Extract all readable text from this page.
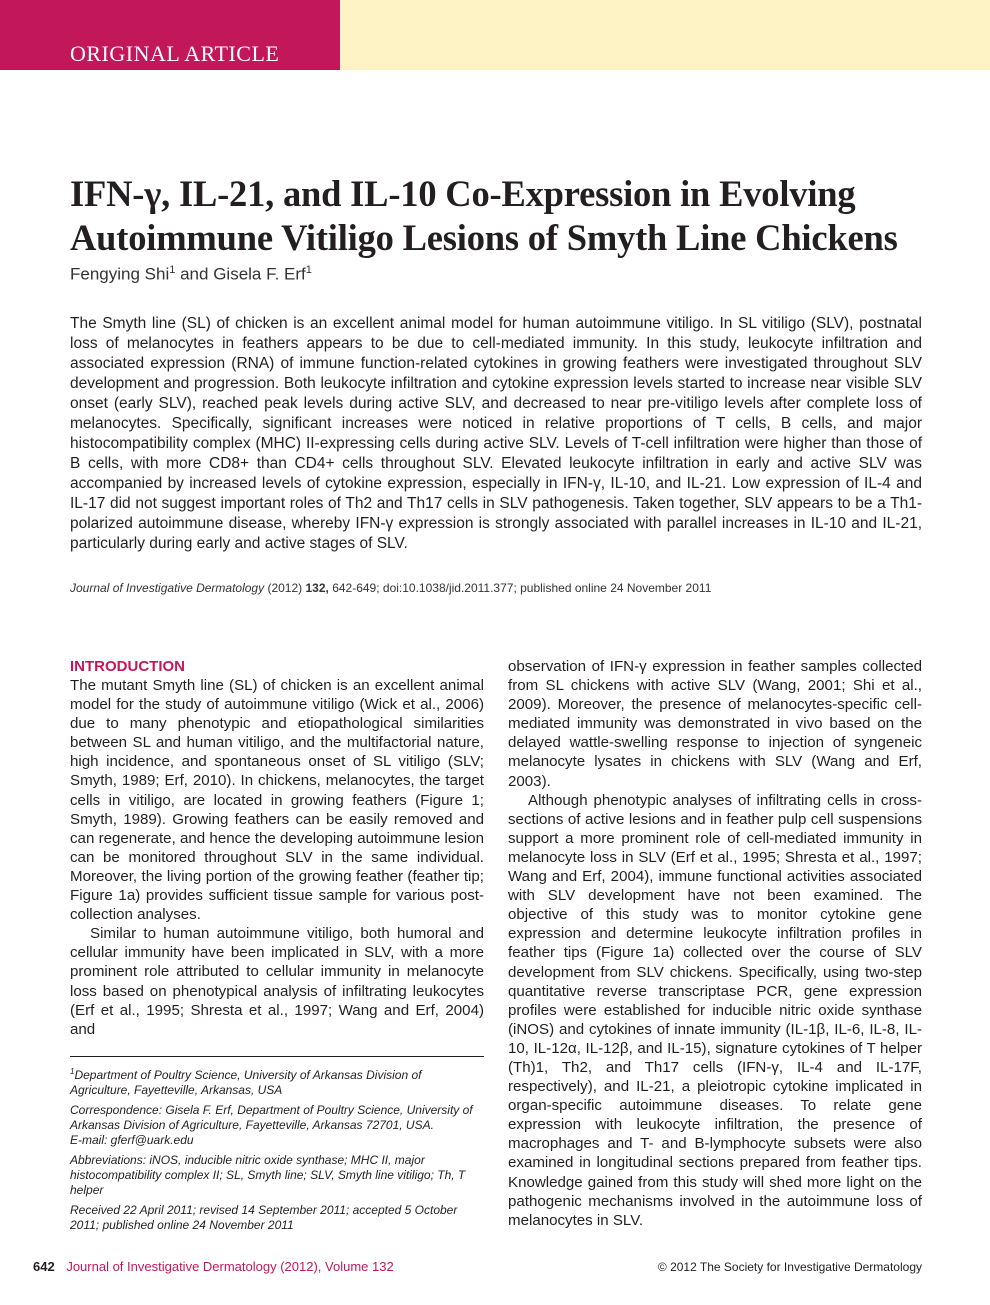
ORIGINAL ARTICLE
IFN-γ, IL-21, and IL-10 Co-Expression in Evolving Autoimmune Vitiligo Lesions of Smyth Line Chickens
Fengying Shi$^1$ and Gisela F. Erf$^1$

The Smyth line (SL) of chicken is an excellent animal model for human autoimmune vitiligo. In SL vitiligo (SLV), postnatal loss of melanocytes in feathers appears to be due to cell-mediated immunity. In this study, leukocyte infiltration and associated expression (RNA) of immune function-related cytokines in growing feathers were investigated throughout SLV development and progression. Both leukocyte infiltration and cytokine expression levels started to increase near visible SLV onset (early SLV), reached peak levels during active SLV, and decreased to near pre-vitiligo levels after complete loss of melanocytes. Specifically, significant increases were noticed in relative proportions of T cells, B cells, and major histocompatibility complex (MHC) II-expressing cells during active SLV. Levels of T-cell infiltration were higher than those of B cells, with more CD8+ than CD4+ cells throughout SLV. Elevated leukocyte infiltration in early and active SLV was accompanied by increased levels of cytokine expression, especially in IFN-γ, IL-10, and IL-21. Low expression of IL-4 and IL-17 did not suggest important roles of Th2 and Th17 cells in SLV pathogenesis. Taken together, SLV appears to be a Th1-polarized autoimmune disease, whereby IFN-γ expression is strongly associated with parallel increases in IL-10 and IL-21, particularly during early and active stages of SLV.

Journal of Investigative Dermatology (2012) 132, 642-649; doi:10.1038/jid.2011.377; published online 24 November 2011

INTRODUCTION

The mutant Smyth line (SL) of chicken is an excellent animal model for the study of autoimmune vitiligo (Wick et al., 2006) due to many phenotypic and etiopathological similarities between SL and human vitiligo, and the multifactorial nature, high incidence, and spontaneous onset of SL vitiligo (SLV; Smyth, 1989; Erf, 2010). In chickens, melanocytes, the target cells in vitiligo, are located in growing feathers (Figure 1; Smyth, 1989). Growing feathers can be easily removed and can regenerate, and hence the developing autoimmune lesion can be monitored throughout SLV in the same individual. Moreover, the living portion of the growing feather (feather tip; Figure 1a) provides sufficient tissue sample for various post-collection analyses.

Similar to human autoimmune vitiligo, both humoral and cellular immunity have been implicated in SLV, with a more prominent role attributed to cellular immunity in melanocyte loss based on phenotypical analysis of infiltrating leukocytes (Erf et al., 1995; Shresta et al., 1997; Wang and Erf, 2004) and

$^1$Department of Poultry Science, University of Arkansas Division of Agriculture, Fayetteville, Arkansas, USA

Correspondence: Gisela F. Erf, Department of Poultry Science, University of Arkansas Division of Agriculture, Fayetteville, Arkansas 72701, USA.
E-mail: gferf@uark.edu

Abbreviations: iNOS, inducible nitric oxide synthase; MHC II, major histocompatibility complex II; SL, Smyth line; SLV, Smyth line vitiligo; Th, T helper

Received 22 April 2011; revised 14 September 2011; accepted 5 October 2011; published online 24 November 2011

observation of IFN-γ expression in feather samples collected from SL chickens with active SLV (Wang, 2001; Shi et al., 2009). Moreover, the presence of melanocytes-specific cell-mediated immunity was demonstrated in vivo based on the delayed wattle-swelling response to injection of syngeneic melanocyte lysates in chickens with SLV (Wang and Erf, 2003).

Although phenotypic analyses of infiltrating cells in cross-sections of active lesions and in feather pulp cell suspensions support a more prominent role of cell-mediated immunity in melanocyte loss in SLV (Erf et al., 1995; Shresta et al., 1997; Wang and Erf, 2004), immune functional activities associated with SLV development have not been examined. The objective of this study was to monitor cytokine gene expression and determine leukocyte infiltration profiles in feather tips (Figure 1a) collected over the course of SLV development from SLV chickens. Specifically, using two-step quantitative reverse transcriptase PCR, gene expression profiles were established for inducible nitric oxide synthase (iNOS) and cytokines of innate immunity (IL-1β, IL-6, IL-8, IL-10, IL-12α, IL-12β, and IL-15), signature cytokines of T helper (Th)1, Th2, and Th17 cells (IFN-γ, IL-4 and IL-17F, respectively), and IL-21, a pleiotropic cytokine implicated in organ-specific autoimmune diseases. To relate gene expression with leukocyte infiltration, the presence of macrophages and T- and B-lymphocyte subsets were also examined in longitudinal sections prepared from feather tips. Knowledge gained from this study will shed more light on the pathogenic mechanisms involved in the autoimmune loss of melanocytes in SLV.

642 Journal of Investigative Dermatology (2012), Volume 132	© 2012 The Society for Investigative Dermatology
